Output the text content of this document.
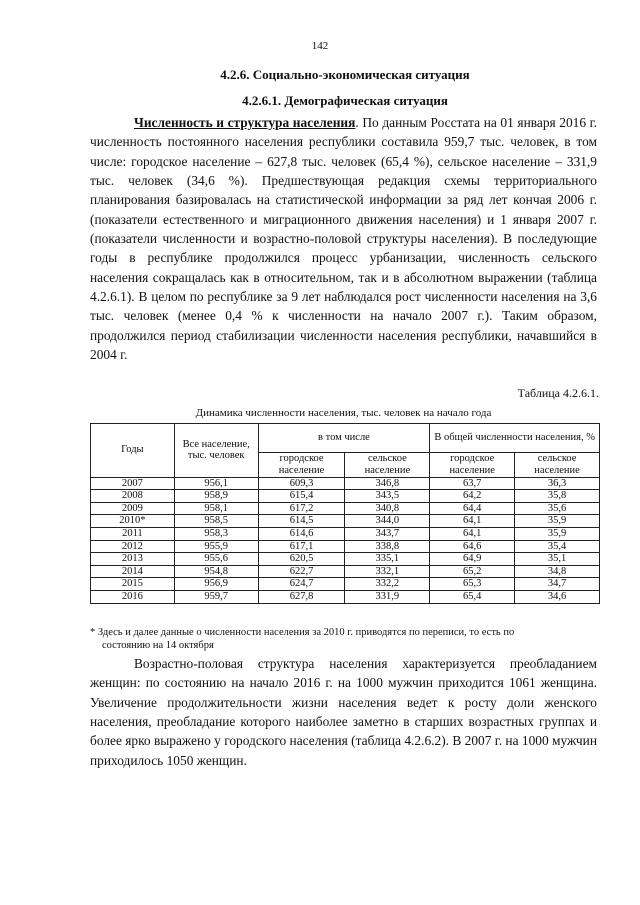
142
4.2.6. Социально-экономическая ситуация
4.2.6.1. Демографическая ситуация

Численность и структура населения. По данным Росстата на 01 января 2016 г. численность постоянного населения республики составила 959,7 тыс. человек, в том числе: городское население – 627,8 тыс. человек (65,4 %), сельское население – 331,9 тыс. человек (34,6 %). Предшествующая редакция схемы территориального планирования базировалась на статистической информации за ряд лет кончая 2006 г. (показатели естественного и миграционного движения населения) и 1 января 2007 г. (показатели численности и возрастно-половой структуры населения). В последующие годы в республике продолжился процесс урбанизации, численность сельского населения сокращалась как в относительном, так и в абсолютном выражении (таблица 4.2.6.1). В целом по республике за 9 лет наблюдался рост численности населения на 3,6 тыс. человек (менее 0,4 % к численности на начало 2007 г.). Таким образом, продолжился период стабилизации численности населения республики, начавшийся в 2004 г.

Таблица 4.2.6.1.
Динамика численности населения, тыс. человек на начало года
Годы	Все население, тыс. человек	в том числе		В общей численности населения, %	
		городское население	сельское население	городское население	сельское население
2007	956,1	609,3	346,8	63,7	36,3
2008	958,9	615,4	343,5	64,2	35,8
2009	958,1	617,2	340,8	64,4	35,6
2010*	958,5	614,5	344,0	64,1	35,9
2011	958,3	614,6	343,7	64,1	35,9
2012	955,9	617,1	338,8	64,6	35,4
2013	955,6	620,5	335,1	64,9	35,1
2014	954,8	622,7	332,1	65,2	34,8
2015	956,9	624,7	332,2	65,3	34,7
2016	959,7	627,8	331,9	65,4	34,6
* Здесь и далее данные о численности населения за 2010 г. приводятся по переписи, то есть по
состоянию на 14 октября

Возрастно-половая структура населения характеризуется преобладанием женщин: по состоянию на начало 2016 г. на 1000 мужчин приходится 1061 женщина. Увеличение продолжительности жизни населения ведет к росту доли женского населения, преобладание которого наиболее заметно в старших возрастных группах и более ярко выражено у городского населения (таблица 4.2.6.2). В 2007 г. на 1000 мужчин приходилось 1050 женщин.
